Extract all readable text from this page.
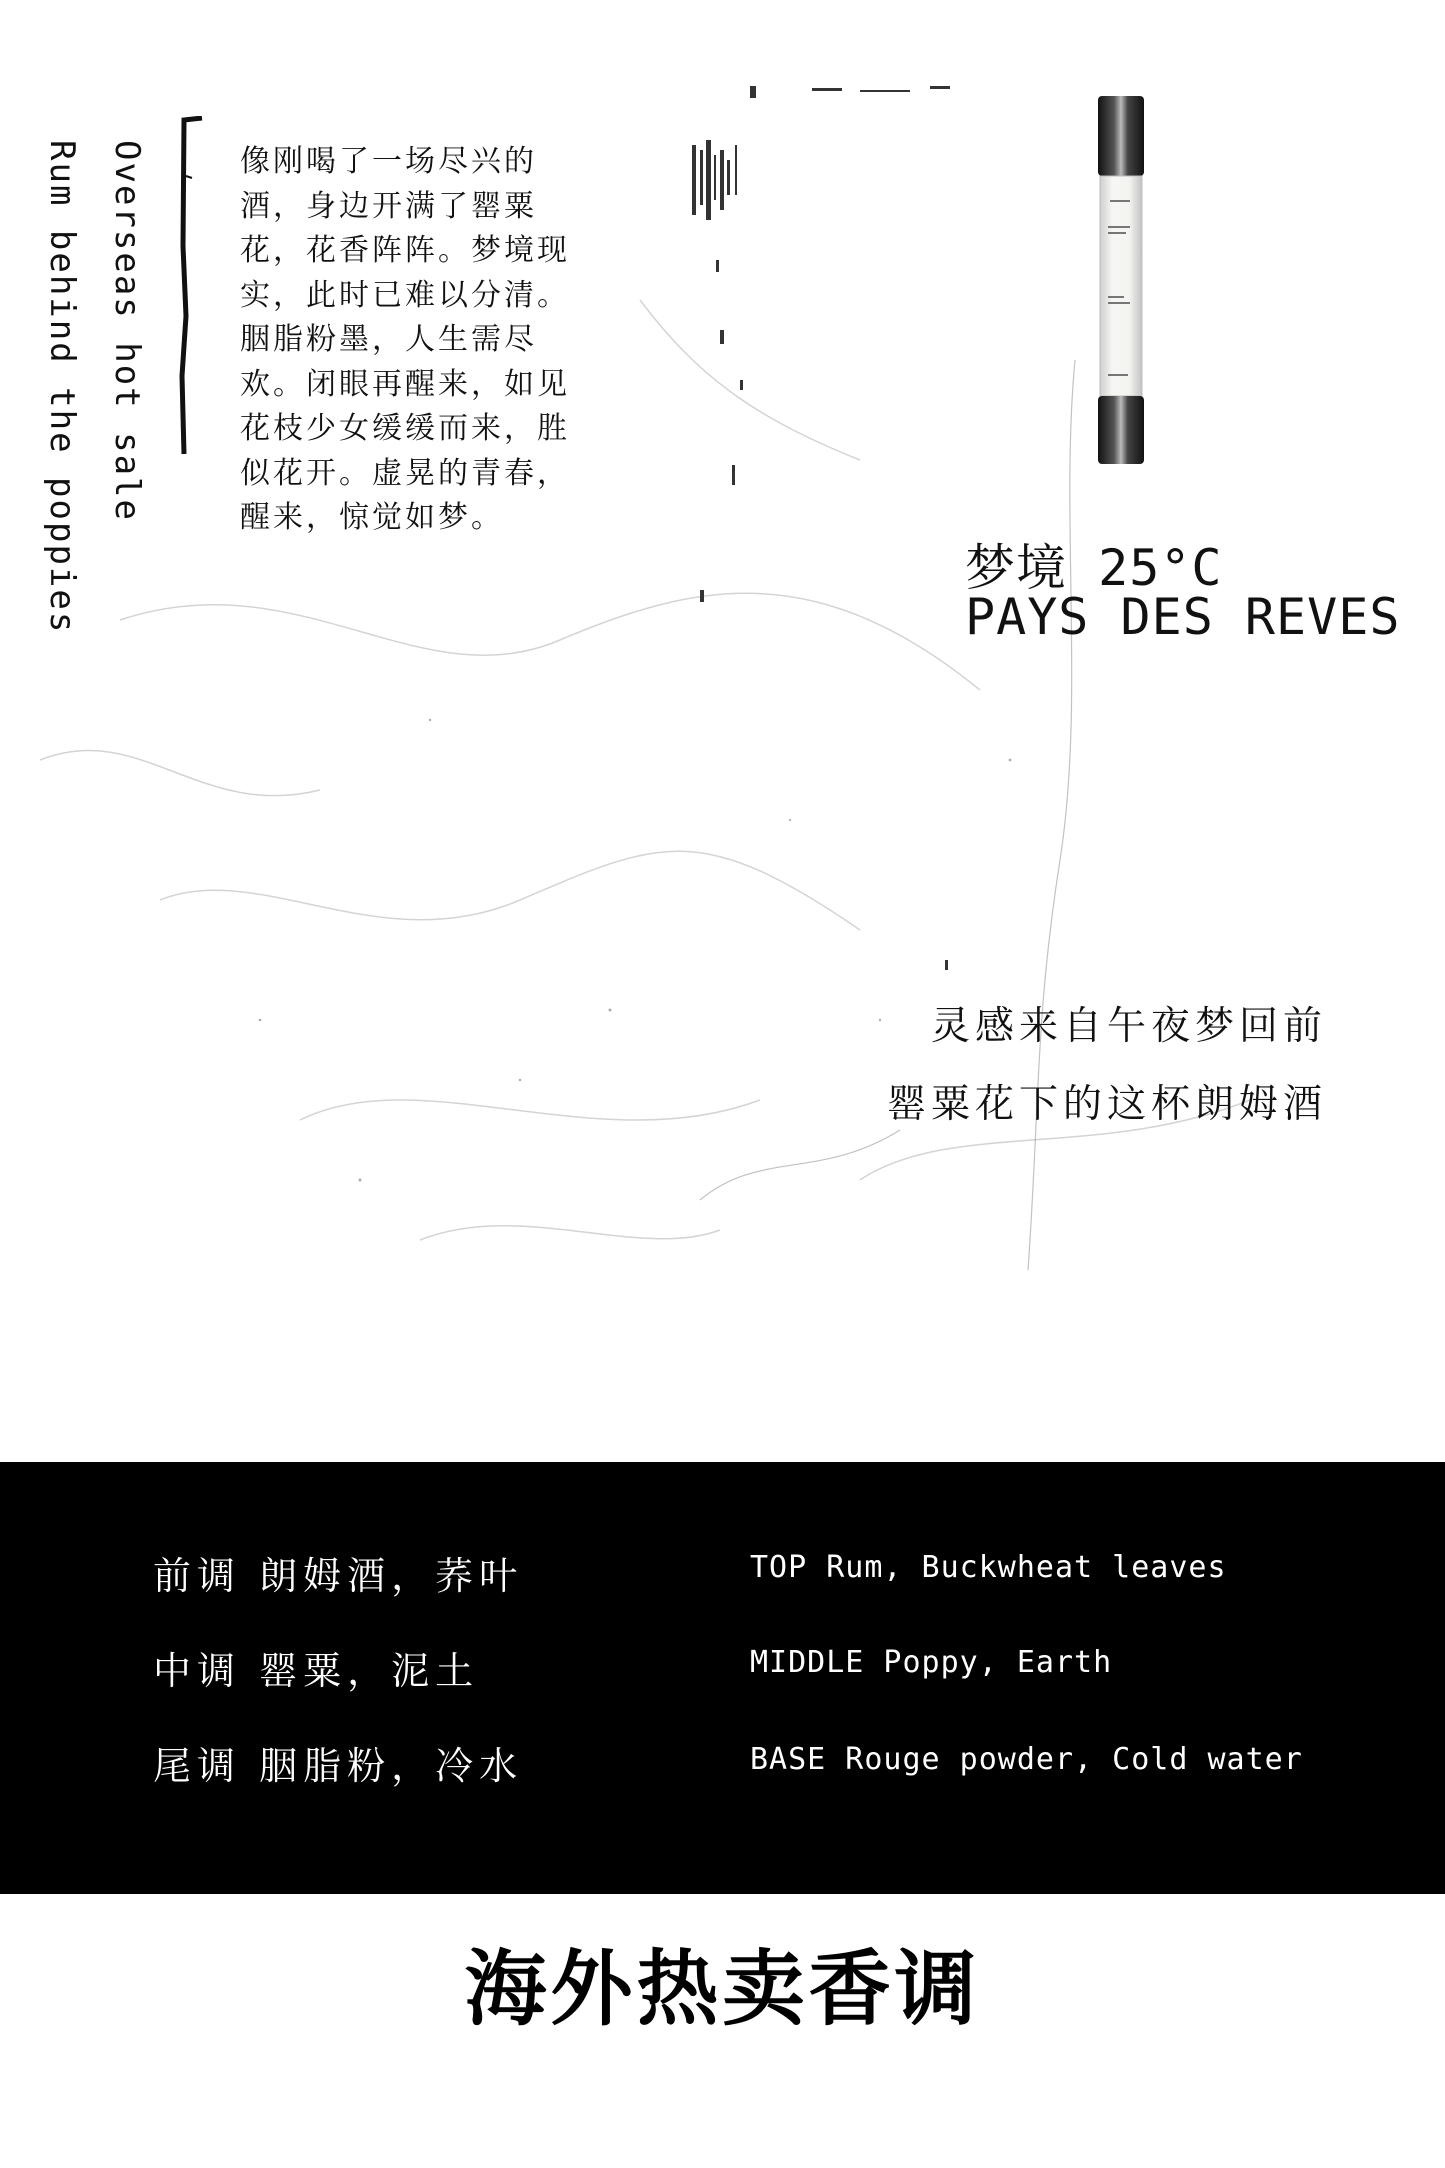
Overseas hot sale
Rum behind the poppies	像刚喝了一场尽兴的
酒，身边开满了罂粟
花，花香阵阵。梦境现
实，此时已难以分清。
胭脂粉墨，人生需尽
欢。闭眼再醒来，如见
花枝少女缓缓而来，胜
似花开。虚晃的青春，
醒来，惊觉如梦。
梦境 25°C
PAYS DES REVES
灵感来自午夜梦回前
罂粟花下的这杯朗姆酒
前调 朗姆酒，荞叶	TOP Rum, Buckwheat leaves
中调 罂粟，泥土	MIDDLE Poppy, Earth
尾调 胭脂粉，冷水	BASE Rouge powder, Cold water
海外热卖香调
